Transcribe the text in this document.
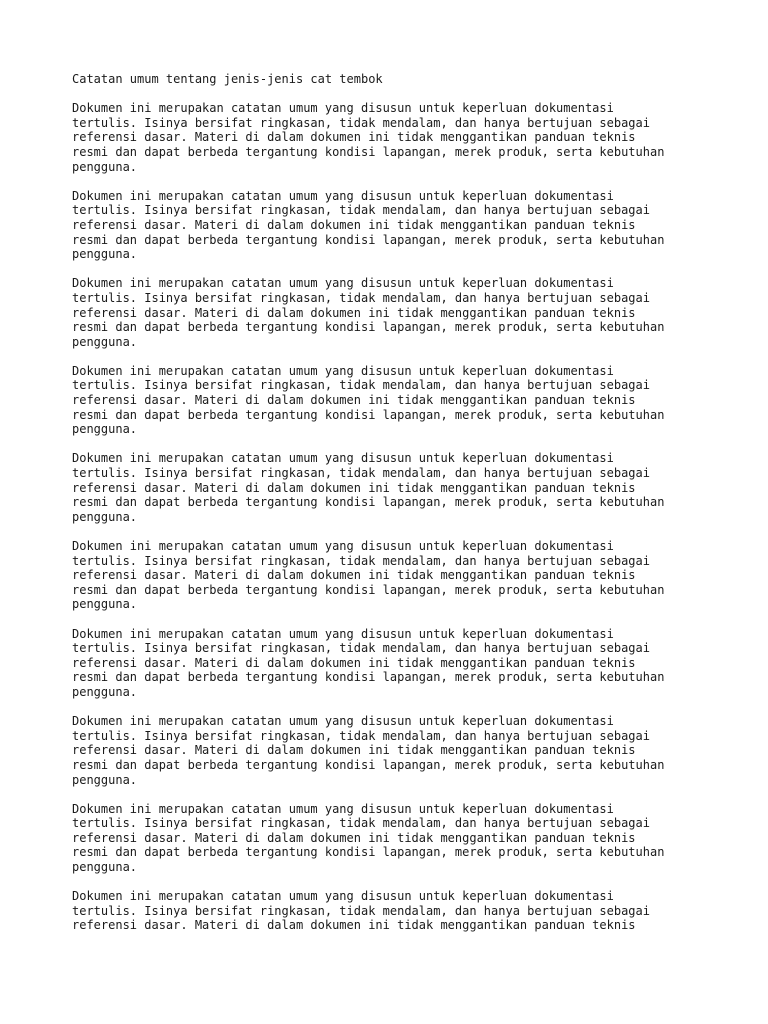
Catatan umum tentang jenis-jenis cat tembok
Dokumen ini merupakan catatan umum yang disusun untuk keperluan dokumentasi
tertulis. Isinya bersifat ringkasan, tidak mendalam, dan hanya bertujuan sebagai
referensi dasar. Materi di dalam dokumen ini tidak menggantikan panduan teknis
resmi dan dapat berbeda tergantung kondisi lapangan, merek produk, serta kebutuhan
pengguna.
Dokumen ini merupakan catatan umum yang disusun untuk keperluan dokumentasi
tertulis. Isinya bersifat ringkasan, tidak mendalam, dan hanya bertujuan sebagai
referensi dasar. Materi di dalam dokumen ini tidak menggantikan panduan teknis
resmi dan dapat berbeda tergantung kondisi lapangan, merek produk, serta kebutuhan
pengguna.
Dokumen ini merupakan catatan umum yang disusun untuk keperluan dokumentasi
tertulis. Isinya bersifat ringkasan, tidak mendalam, dan hanya bertujuan sebagai
referensi dasar. Materi di dalam dokumen ini tidak menggantikan panduan teknis
resmi dan dapat berbeda tergantung kondisi lapangan, merek produk, serta kebutuhan
pengguna.
Dokumen ini merupakan catatan umum yang disusun untuk keperluan dokumentasi
tertulis. Isinya bersifat ringkasan, tidak mendalam, dan hanya bertujuan sebagai
referensi dasar. Materi di dalam dokumen ini tidak menggantikan panduan teknis
resmi dan dapat berbeda tergantung kondisi lapangan, merek produk, serta kebutuhan
pengguna.
Dokumen ini merupakan catatan umum yang disusun untuk keperluan dokumentasi
tertulis. Isinya bersifat ringkasan, tidak mendalam, dan hanya bertujuan sebagai
referensi dasar. Materi di dalam dokumen ini tidak menggantikan panduan teknis
resmi dan dapat berbeda tergantung kondisi lapangan, merek produk, serta kebutuhan
pengguna.
Dokumen ini merupakan catatan umum yang disusun untuk keperluan dokumentasi
tertulis. Isinya bersifat ringkasan, tidak mendalam, dan hanya bertujuan sebagai
referensi dasar. Materi di dalam dokumen ini tidak menggantikan panduan teknis
resmi dan dapat berbeda tergantung kondisi lapangan, merek produk, serta kebutuhan
pengguna.
Dokumen ini merupakan catatan umum yang disusun untuk keperluan dokumentasi
tertulis. Isinya bersifat ringkasan, tidak mendalam, dan hanya bertujuan sebagai
referensi dasar. Materi di dalam dokumen ini tidak menggantikan panduan teknis
resmi dan dapat berbeda tergantung kondisi lapangan, merek produk, serta kebutuhan
pengguna.
Dokumen ini merupakan catatan umum yang disusun untuk keperluan dokumentasi
tertulis. Isinya bersifat ringkasan, tidak mendalam, dan hanya bertujuan sebagai
referensi dasar. Materi di dalam dokumen ini tidak menggantikan panduan teknis
resmi dan dapat berbeda tergantung kondisi lapangan, merek produk, serta kebutuhan
pengguna.
Dokumen ini merupakan catatan umum yang disusun untuk keperluan dokumentasi
tertulis. Isinya bersifat ringkasan, tidak mendalam, dan hanya bertujuan sebagai
referensi dasar. Materi di dalam dokumen ini tidak menggantikan panduan teknis
resmi dan dapat berbeda tergantung kondisi lapangan, merek produk, serta kebutuhan
pengguna.
Dokumen ini merupakan catatan umum yang disusun untuk keperluan dokumentasi
tertulis. Isinya bersifat ringkasan, tidak mendalam, dan hanya bertujuan sebagai
referensi dasar. Materi di dalam dokumen ini tidak menggantikan panduan teknis
